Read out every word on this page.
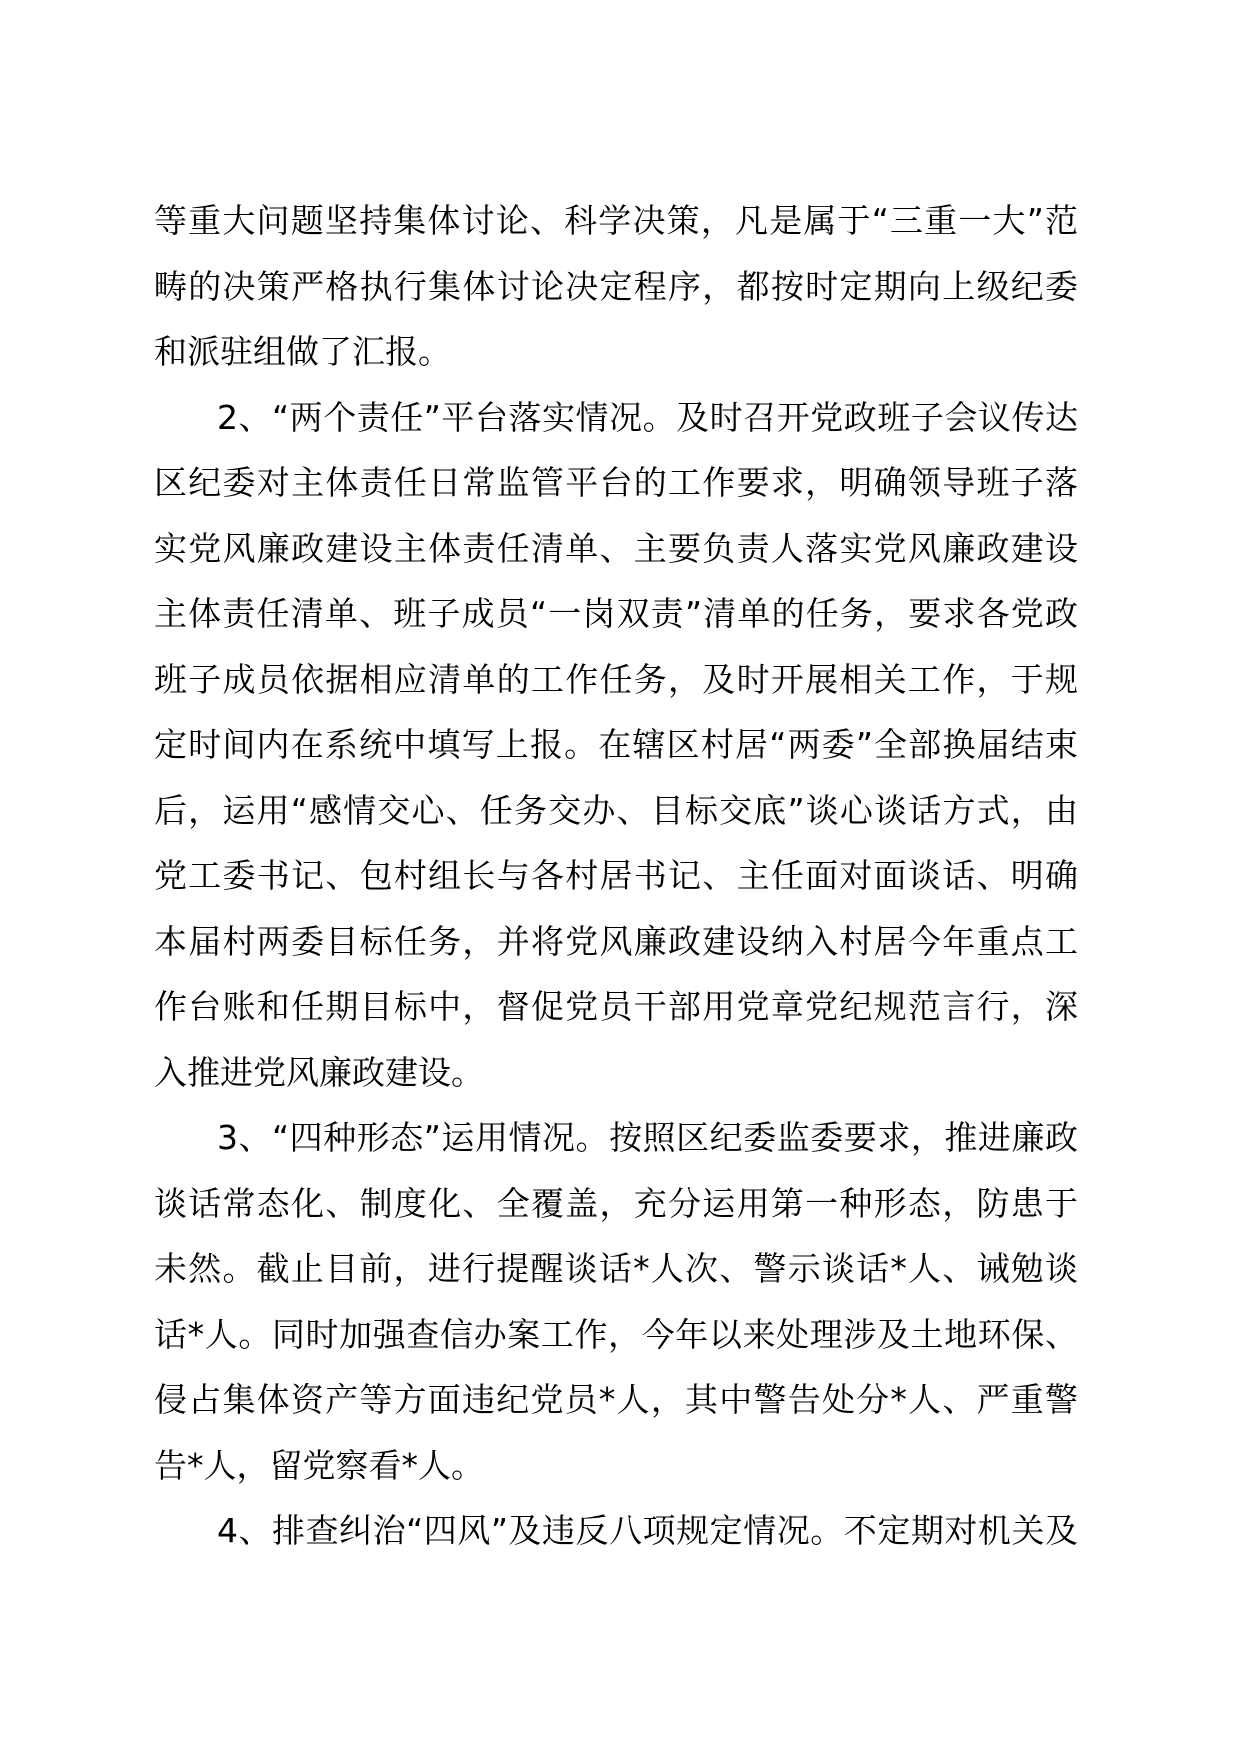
等重大问题坚持集体讨论、科学决策，凡是属于“三重一大”范
畴的决策严格执行集体讨论决定程序，都按时定期向上级纪委
和派驻组做了汇报。
2、“两个责任”平台落实情况。及时召开党政班子会议传达
区纪委对主体责任日常监管平台的工作要求，明确领导班子落
实党风廉政建设主体责任清单、主要负责人落实党风廉政建设
主体责任清单、班子成员“一岗双责”清单的任务，要求各党政
班子成员依据相应清单的工作任务，及时开展相关工作，于规
定时间内在系统中填写上报。在辖区村居“两委”全部换届结束
后，运用“感情交心、任务交办、目标交底”谈心谈话方式，由
党工委书记、包村组长与各村居书记、主任面对面谈话、明确
本届村两委目标任务，并将党风廉政建设纳入村居今年重点工
作台账和任期目标中，督促党员干部用党章党纪规范言行，深
入推进党风廉政建设。
3、“四种形态”运用情况。按照区纪委监委要求，推进廉政
谈话常态化、制度化、全覆盖，充分运用第一种形态，防患于
未然。截止目前，进行提醒谈话*人次、警示谈话*人、诫勉谈
话*人。同时加强查信办案工作，今年以来处理涉及土地环保、
侵占集体资产等方面违纪党员*人，其中警告处分*人、严重警
告*人，留党察看*人。
4、排查纠治“四风”及违反八项规定情况。不定期对机关及
